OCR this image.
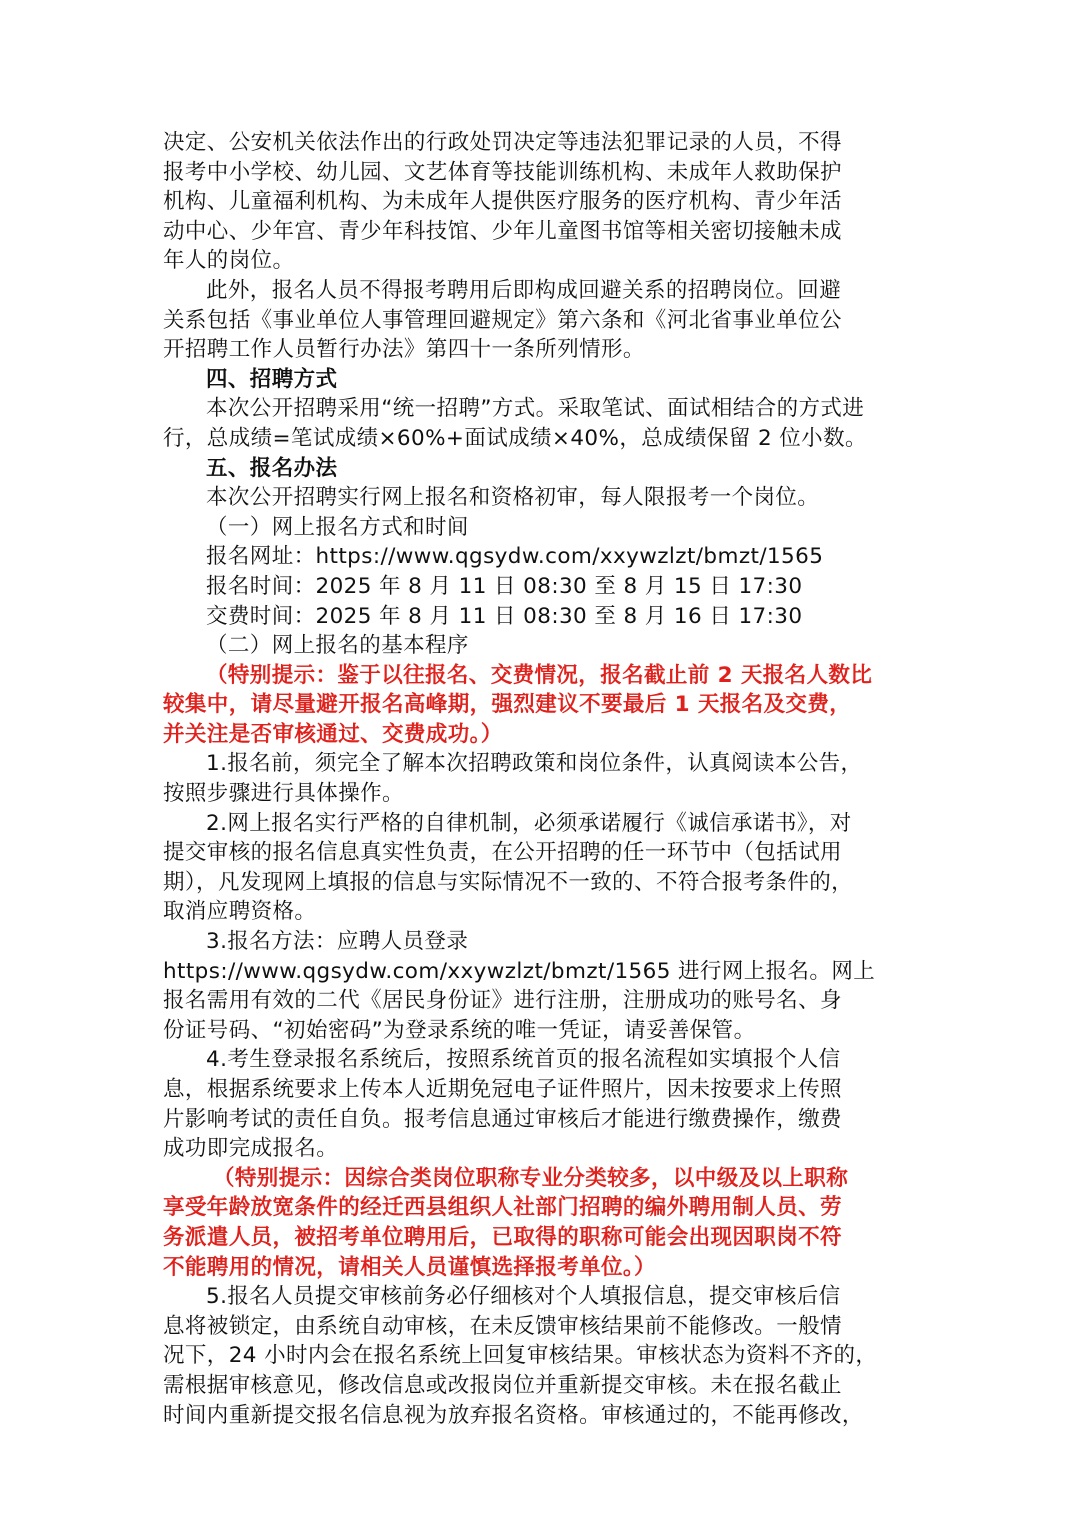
决定、公安机关依法作出的行政处罚决定等违法犯罪记录的人员，不得
报考中小学校、幼儿园、文艺体育等技能训练机构、未成年人救助保护
机构、儿童福利机构、为未成年人提供医疗服务的医疗机构、青少年活
动中心、少年宫、青少年科技馆、少年儿童图书馆等相关密切接触未成
年人的岗位。
此外，报名人员不得报考聘用后即构成回避关系的招聘岗位。回避
关系包括《事业单位人事管理回避规定》第六条和《河北省事业单位公
开招聘工作人员暂行办法》第四十一条所列情形。
四、招聘方式
本次公开招聘采用“统一招聘”方式。采取笔试、面试相结合的方式进
行，总成绩=笔试成绩×60%+面试成绩×40%，总成绩保留 2 位小数。
五、报名办法
本次公开招聘实行网上报名和资格初审，每人限报考一个岗位。
（一）网上报名方式和时间
报名网址：https://www.qgsydw.com/xxywzlzt/bmzt/1565
报名时间：2025 年 8 月 11 日 08:30 至 8 月 15 日 17:30
交费时间：2025 年 8 月 11 日 08:30 至 8 月 16 日 17:30
（二）网上报名的基本程序
（特别提示：鉴于以往报名、交费情况，报名截止前 2 天报名人数比
较集中，请尽量避开报名高峰期，强烈建议不要最后 1 天报名及交费，
并关注是否审核通过、交费成功。）
1.报名前，须完全了解本次招聘政策和岗位条件，认真阅读本公告，
按照步骤进行具体操作。
2.网上报名实行严格的自律机制，必须承诺履行《诚信承诺书》，对
提交审核的报名信息真实性负责，在公开招聘的任一环节中（包括试用
期），凡发现网上填报的信息与实际情况不一致的、不符合报考条件的，
取消应聘资格。
3.报名方法：应聘人员登录
https://www.qgsydw.com/xxywzlzt/bmzt/1565 进行网上报名。网上
报名需用有效的二代《居民身份证》进行注册，注册成功的账号名、身
份证号码、“初始密码”为登录系统的唯一凭证，请妥善保管。
4.考生登录报名系统后，按照系统首页的报名流程如实填报个人信
息，根据系统要求上传本人近期免冠电子证件照片，因未按要求上传照
片影响考试的责任自负。报考信息通过审核后才能进行缴费操作，缴费
成功即完成报名。
（特别提示：因综合类岗位职称专业分类较多，以中级及以上职称
享受年龄放宽条件的经迁西县组织人社部门招聘的编外聘用制人员、劳
务派遣人员，被招考单位聘用后，已取得的职称可能会出现因职岗不符
不能聘用的情况，请相关人员谨慎选择报考单位。）
5.报名人员提交审核前务必仔细核对个人填报信息，提交审核后信
息将被锁定，由系统自动审核，在未反馈审核结果前不能修改。一般情
况下，24 小时内会在报名系统上回复审核结果。审核状态为资料不齐的，
需根据审核意见，修改信息或改报岗位并重新提交审核。未在报名截止
时间内重新提交报名信息视为放弃报名资格。审核通过的，不能再修改，
